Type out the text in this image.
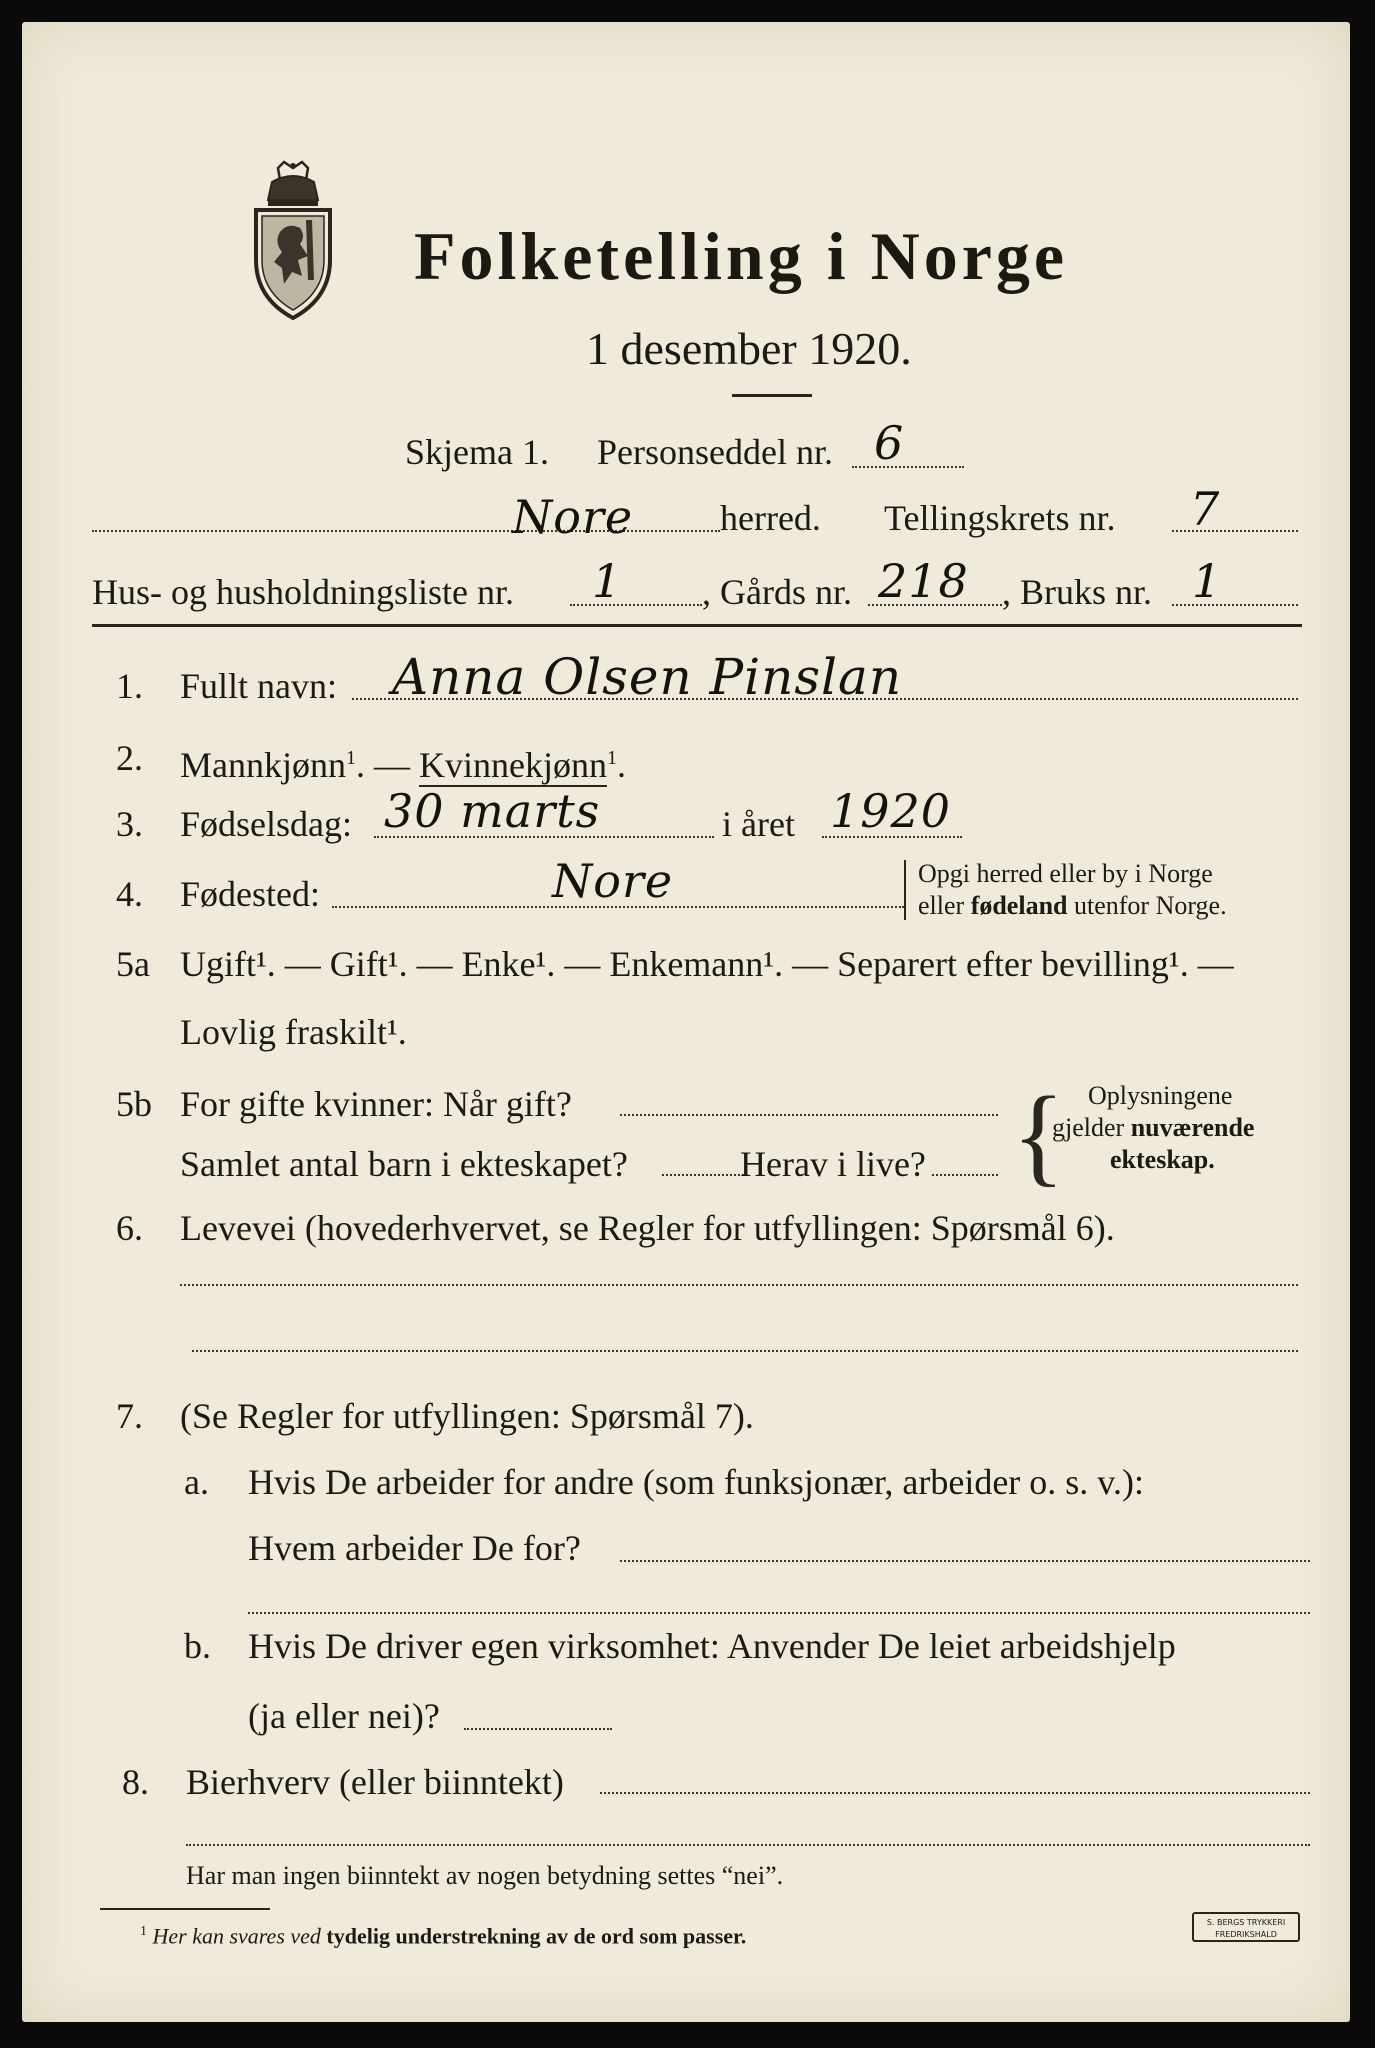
Folketelling i Norge
1 desember 1920.
Skjema 1. Personseddel nr. 6
Nore herred. Tellingskrets nr. 7
Hus- og husholdningsliste nr. 1 , Gårds nr. 218 , Bruks nr. 1
1. Fullt navn: Anna Olsen Pinslan
2. Mannkjønn$^1$. — Kvinnekjønn$^1$.
3. Fødselsdag: 30 marts	i året 1920
4. Fødested:	Nore	Opgi herred eller by i Norge
eller fødeland utenfor Norge.
5a Ugift¹. — Gift¹. — Enke¹. — Enkemann¹. — Separert efter bevilling¹. —
Lovlig fraskilt¹.
5b For gifte kvinner: Når gift?
Samlet antal barn i ekteskapet?	Herav i live? { Oplysningene
gjelder nuværende
ekteskap.
6. Levevei (hovederhvervet, se Regler for utfyllingen: Spørsmål 6).
7. (Se Regler for utfyllingen: Spørsmål 7).
a. Hvis De arbeider for andre (som funksjonær, arbeider o. s. v.):
Hvem arbeider De for?
b. Hvis De driver egen virksomhet: Anvender De leiet arbeidshjelp
(ja eller nei)?
8. Bierhverv (eller biinntekt)
Har man ingen biinntekt av nogen betydning settes “nei”.
$^1$ Her kan svares ved tydelig understrekning av de ord som passer.
S. BERGS TRYKKERI
FREDRIKSHALD
